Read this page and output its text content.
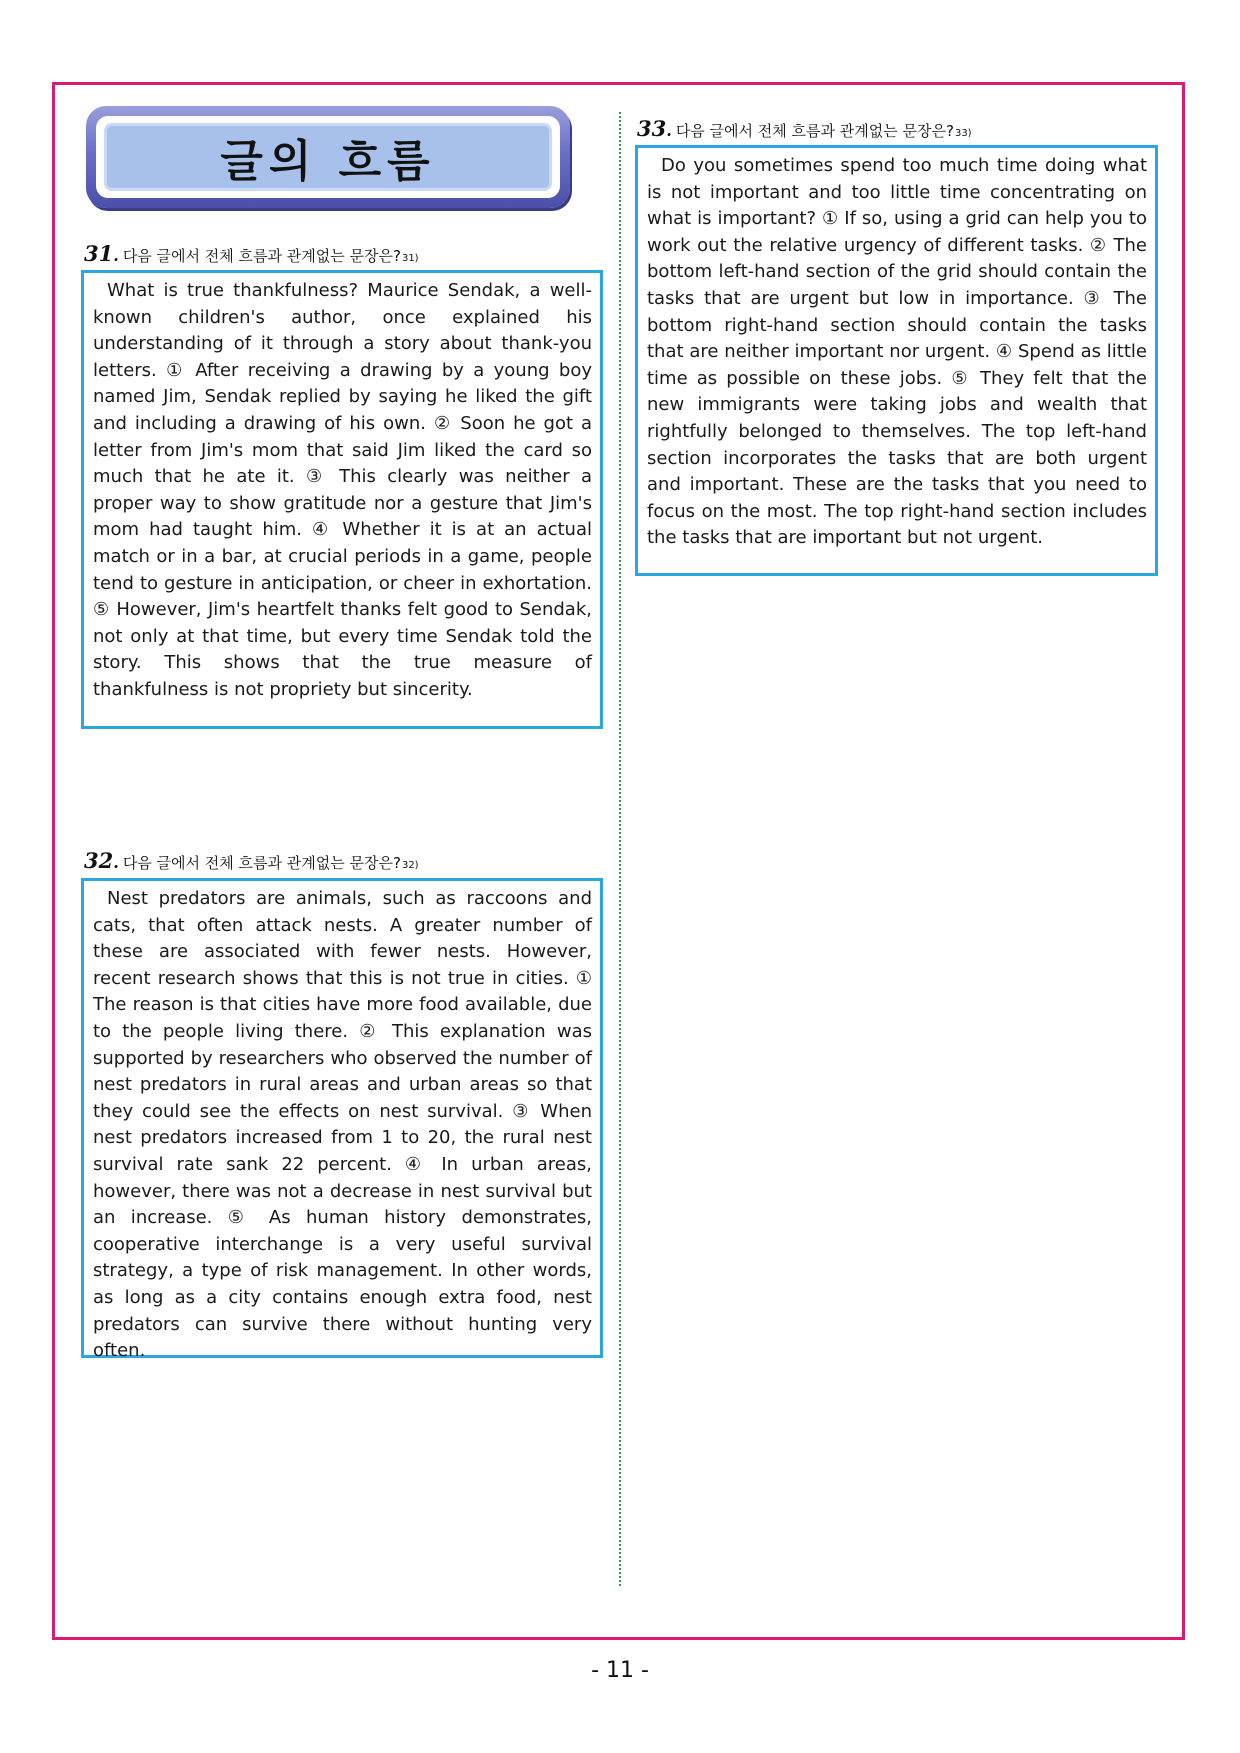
글의 흐름
31. 다음 글에서 전체 흐름과 관계없는 문장은? 31)

What is true thankfulness? Maurice Sendak, a well-known children's author, once explained his understanding of it through a story about thank-you letters. ① After receiving a drawing by a young boy named Jim, Sendak replied by saying he liked the gift and including a drawing of his own. ② Soon he got a letter from Jim's mom that said Jim liked the card so much that he ate it. ③ This clearly was neither a proper way to show gratitude nor a gesture that Jim's mom had taught him. ④ Whether it is at an actual match or in a bar, at crucial periods in a game, people tend to gesture in anticipation, or cheer in exhortation. ⑤ However, Jim's heartfelt thanks felt good to Sendak, not only at that time, but every time Sendak told the story. This shows that the true measure of thankfulness is not propriety but sincerity.

32. 다음 글에서 전체 흐름과 관계없는 문장은? 32)

Nest predators are animals, such as raccoons and cats, that often attack nests. A greater number of these are associated with fewer nests. However, recent research shows that this is not true in cities. ① The reason is that cities have more food available, due to the people living there. ② This explanation was supported by researchers who observed the number of nest predators in rural areas and urban areas so that they could see the effects on nest survival. ③ When nest predators increased from 1 to 20, the rural nest survival rate sank 22 percent. ④ In urban areas, however, there was not a decrease in nest survival but an increase. ⑤ As human history demonstrates, cooperative interchange is a very useful survival strategy, a type of risk management. In other words, as long as a city contains enough extra food, nest predators can survive there without hunting very often.

33. 다음 글에서 전체 흐름과 관계없는 문장은? 33)

Do you sometimes spend too much time doing what is not important and too little time concentrating on what is important? ① If so, using a grid can help you to work out the relative urgency of different tasks. ② The bottom left-hand section of the grid should contain the tasks that are urgent but low in importance. ③ The bottom right-hand section should contain the tasks that are neither important nor urgent. ④ Spend as little time as possible on these jobs. ⑤ They felt that the new immigrants were taking jobs and wealth that rightfully belonged to themselves. The top left-hand section incorporates the tasks that are both urgent and important. These are the tasks that you need to focus on the most. The top right-hand section includes the tasks that are important but not urgent.

- 11 -
